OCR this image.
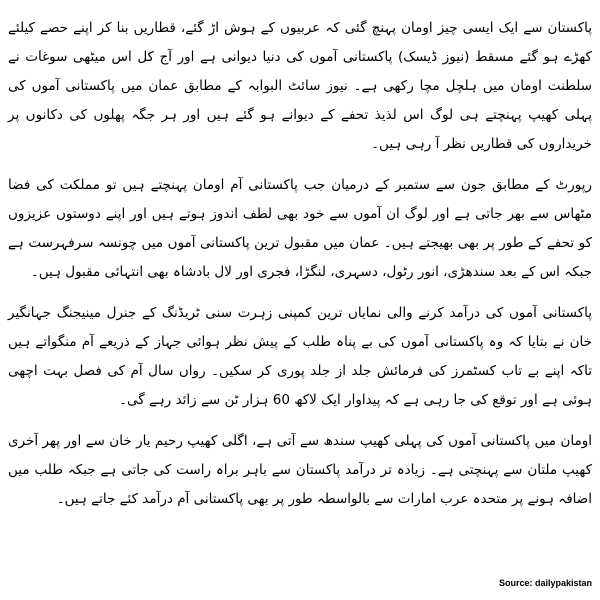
پاکستان سے ایک ایسی چیز اومان پہنچ گئی کہ عربیوں کے ہوش اڑ گئے، قطاریں بنا کر اپنے حصے کیلئے کھڑے ہو گئے مسقط (نیوز ڈیسک) پاکستانی آموں کی دنیا دیوانی ہے اور آج کل اس میٹھی سوغات نے سلطنت اومان میں ہلچل مچا رکھی ہے۔ نیوز سائٹ البوابہ کے مطابق عمان میں پاکستانی آموں کی پہلی کھیپ پہنچتے ہی لوگ اس لذیذ تحفے کے دیوانے ہو گئے ہیں اور ہر جگہ پھلوں کی دکانوں پر خریداروں کی قطاریں نظر آ رہی ہیں۔

رپورٹ کے مطابق جون سے ستمبر کے درمیان جب پاکستانی آم اومان پہنچتے ہیں تو مملکت کی فضا مٹھاس سے بھر جاتی ہے اور لوگ ان آموں سے خود بھی لطف اندوز ہوتے ہیں اور اپنے دوستوں عزیزوں کو تحفے کے طور پر بھی بھیجتے ہیں۔ عمان میں مقبول ترین پاکستانی آموں میں چونسہ سرفہرست ہے جبکہ اس کے بعد سندھڑی، انور رٹول، دسہری، لنگڑا، فجری اور لال بادشاہ بھی انتہائی مقبول ہیں۔

پاکستانی آموں کی درآمد کرنے والی نمایاں ترین کمپنی زہرت سنی ٹریڈنگ کے جنرل مینیجنگ جہانگیر خان نے بتایا کہ وہ پاکستانی آموں کی بے پناہ طلب کے پیش نظر ہوائی جہاز کے ذریعے آم منگواتے ہیں تاکہ اپنے بے تاب کسٹمرز کی فرمائش جلد از جلد پوری کر سکیں۔ رواں سال آم کی فصل بہت اچھی ہوئی ہے اور توقع کی جا رہی ہے کہ پیداوار ایک لاکھ 60 ہزار ٹن سے زائد رہے گی۔

اومان میں پاکستانی آموں کی پہلی کھیپ سندھ سے آتی ہے، اگلی کھیپ رحیم یار خان سے اور پھر آخری کھیپ ملتان سے پہنچتی ہے۔ زیادہ تر درآمد پاکستان سے باہر براہ راست کی جاتی ہے جبکہ طلب میں اضافہ ہونے پر متحدہ عرب امارات سے بالواسطہ طور پر بھی پاکستانی آم درآمد کئے جاتے ہیں۔

Source: dailypakistan
